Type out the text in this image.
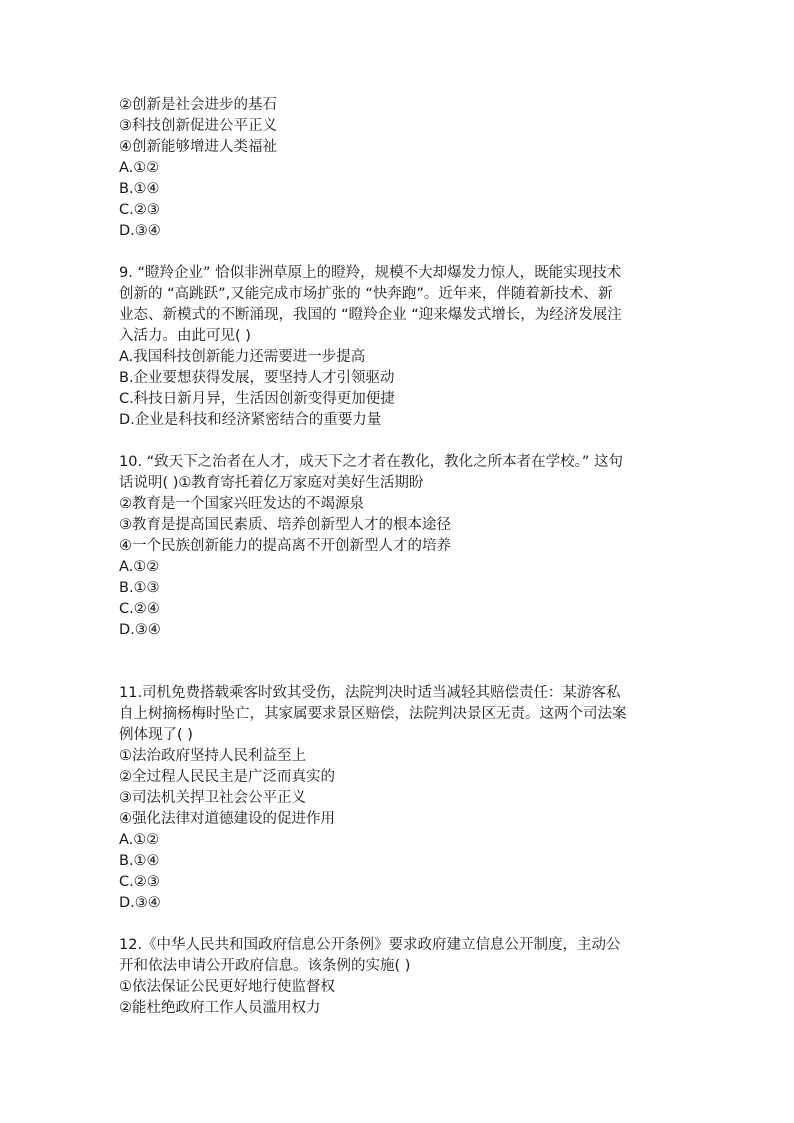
②创新是社会进步的基石
③科技创新促进公平正义
④创新能够增进人类福祉
A.①②
B.①④
C.②③
D.③④
9. “瞪羚企业” 恰似非洲草原上的瞪羚，规模不大却爆发力惊人，既能实现技术
创新的 “高跳跃”,又能完成市场扩张的 “快奔跑”。近年来，伴随着新技术、新
业态、新模式的不断涌现，我国的 “瞪羚企业 “迎来爆发式增长，为经济发展注
入活力。由此可见( )
A.我国科技创新能力还需要进一步提高
B.企业要想获得发展，要坚持人才引领驱动
C.科技日新月异，生活因创新变得更加便捷
D.企业是科技和经济紧密结合的重要力量
10. “致天下之治者在人才，成天下之才者在教化，教化之所本者在学校。” 这句
话说明( )①教育寄托着亿万家庭对美好生活期盼
②教育是一个国家兴旺发达的不竭源泉
③教育是提高国民素质、培养创新型人才的根本途径
④一个民族创新能力的提高离不开创新型人才的培养
A.①②
B.①③
C.②④
D.③④
11.司机免费搭载乘客时致其受伤，法院判决时适当减轻其赔偿责任：某游客私
自上树摘杨梅时坠亡，其家属要求景区赔偿，法院判决景区无责。这两个司法案
例体现了( )
①法治政府坚持人民利益至上
②全过程人民民主是广泛而真实的
③司法机关捍卫社会公平正义
④强化法律对道德建设的促进作用
A.①②
B.①④
C.②③
D.③④
12.《中华人民共和国政府信息公开条例》要求政府建立信息公开制度，主动公
开和依法申请公开政府信息。该条例的实施( )
①依法保证公民更好地行使监督权
②能杜绝政府工作人员滥用权力
